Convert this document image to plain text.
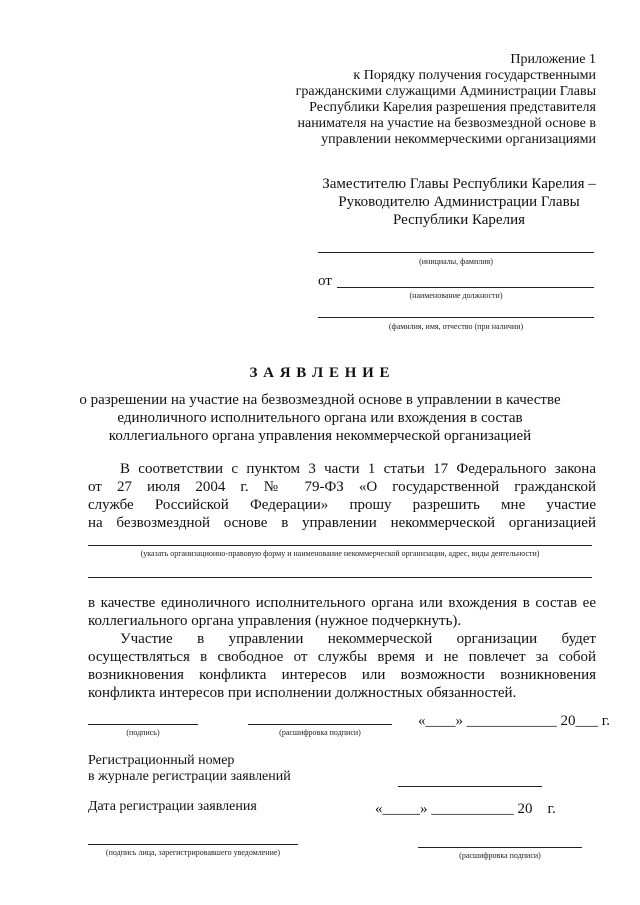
Приложение 1
к Порядку получения государственными
гражданскими служащими Администрации Главы
Республики Карелия разрешения представителя
нанимателя на участие на безвозмездной основе в
управлении некоммерческими организациями
Заместителю Главы Республики Карелия –
Руководителю Администрации Главы
Республики Карелия
(инициалы, фамилия)
от
(наименование должности)
(фамилия, имя, отчество (при наличии)
З А Я В Л Е Н И Е
о разрешении на участие на безвозмездной основе в управлении в качестве
единоличного исполнительного органа или вхождения в состав
коллегиального органа управления некоммерческой организацией
В соответствии с пунктом 3 части 1 статьи 17 Федерального закона
от 27 июля 2004 г. № 79-ФЗ «О государственной гражданской
службе Российской Федерации» прошу разрешить мне участие
на безвозмездной основе в управлении некоммерческой организацией
(указать организационно-правовую форму и наименование некоммерческой организации, адрес, виды деятельности)
в качестве единоличного исполнительного органа или вхождения в состав ее
коллегиального органа управления (нужное подчеркнуть).
Участие в управлении некоммерческой организации будет
осуществляться в свободное от службы время и не повлечет за собой
возникновения конфликта интересов или возможности возникновения
конфликта интересов при исполнении должностных обязанностей.
(подпись)	(расшифровка подписи)
«____» ____________ 20___ г.
Регистрационный номер
в журнале регистрации заявлений
Дата регистрации заявления	«_____» ___________ 20    г.
(подпись лица, зарегистрировавшего уведомление)	(расшифровка подписи)
